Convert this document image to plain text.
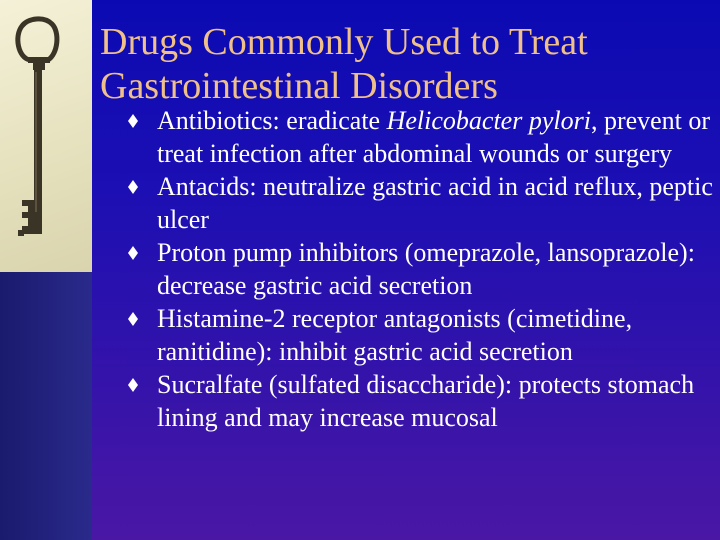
Drugs Commonly Used to Treat
Gastrointestinal Disorders
Antibiotics: eradicate Helicobacter pylori, prevent or treat infection after abdominal wounds or surgery
Antacids: neutralize gastric acid in acid reflux, peptic ulcer
Proton pump inhibitors (omeprazole, lansoprazole): decrease gastric acid secretion
Histamine-2 receptor antagonists (cimetidine, ranitidine): inhibit gastric acid secretion
Sucralfate (sulfated disaccharide): protects stomach lining and may increase mucosal
